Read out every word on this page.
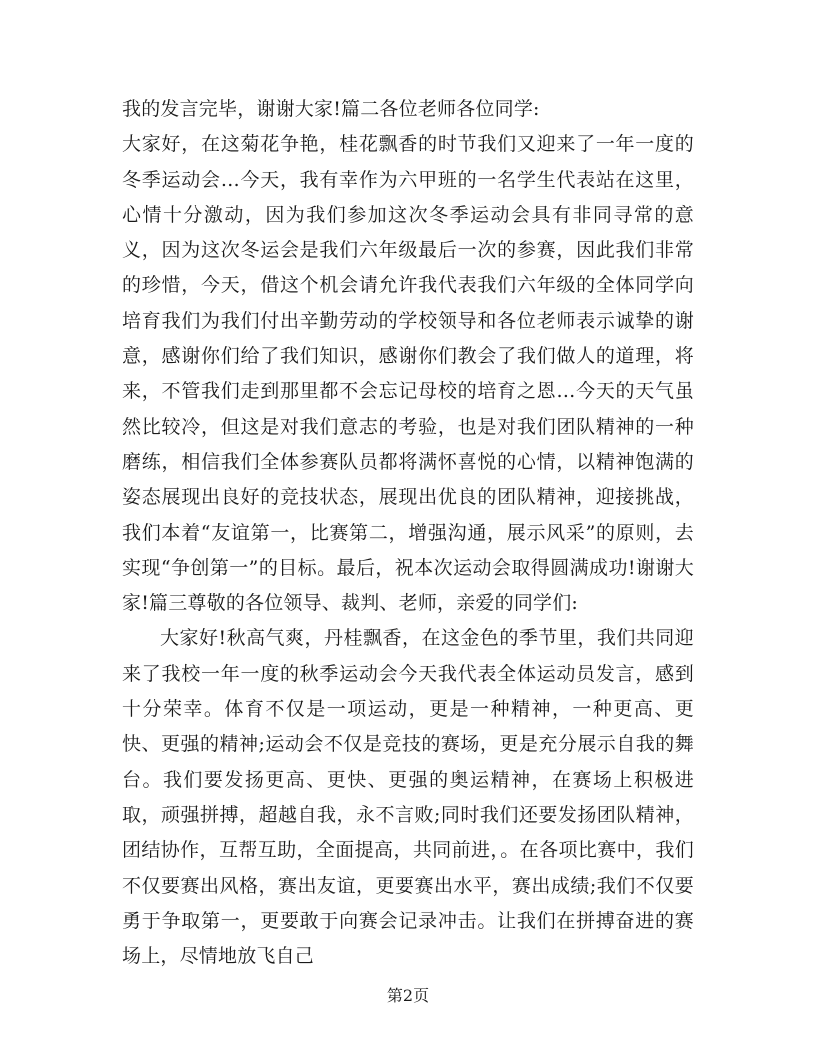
我的发言完毕，谢谢大家!篇二各位老师各位同学:

大家好，在这菊花争艳，桂花飘香的时节我们又迎来了一年一度的冬季运动会…今天，我有幸作为六甲班的一名学生代表站在这里，心情十分激动，因为我们参加这次冬季运动会具有非同寻常的意义，因为这次冬运会是我们六年级最后一次的参赛，因此我们非常的珍惜，今天，借这个机会请允许我代表我们六年级的全体同学向培育我们为我们付出辛勤劳动的学校领导和各位老师表示诚挚的谢意，感谢你们给了我们知识，感谢你们教会了我们做人的道理，将来，不管我们走到那里都不会忘记母校的培育之恩…今天的天气虽然比较冷，但这是对我们意志的考验，也是对我们团队精神的一种磨练，相信我们全体参赛队员都将满怀喜悦的心情，以精神饱满的姿态展现出良好的竞技状态，展现出优良的团队精神，迎接挑战，我们本着“友谊第一，比赛第二，增强沟通，展示风采”的原则，去实现“争创第一”的目标。最后，祝本次运动会取得圆满成功!谢谢大家!篇三尊敬的各位领导、裁判、老师，亲爱的同学们:

大家好!秋高气爽，丹桂飘香，在这金色的季节里，我们共同迎来了我校一年一度的秋季运动会今天我代表全体运动员发言，感到十分荣幸。体育不仅是一项运动，更是一种精神，一种更高、更快、更强的精神;运动会不仅是竞技的赛场，更是充分展示自我的舞台。我们要发扬更高、更快、更强的奥运精神，在赛场上积极进取，顽强拼搏，超越自我，永不言败;同时我们还要发扬团队精神，团结协作，互帮互助，全面提高，共同前进，。在各项比赛中，我们不仅要赛出风格，赛出友谊，更要赛出水平，赛出成绩;我们不仅要勇于争取第一，更要敢于向赛会记录冲击。让我们在拼搏奋进的赛场上，尽情地放飞自己

第2页
